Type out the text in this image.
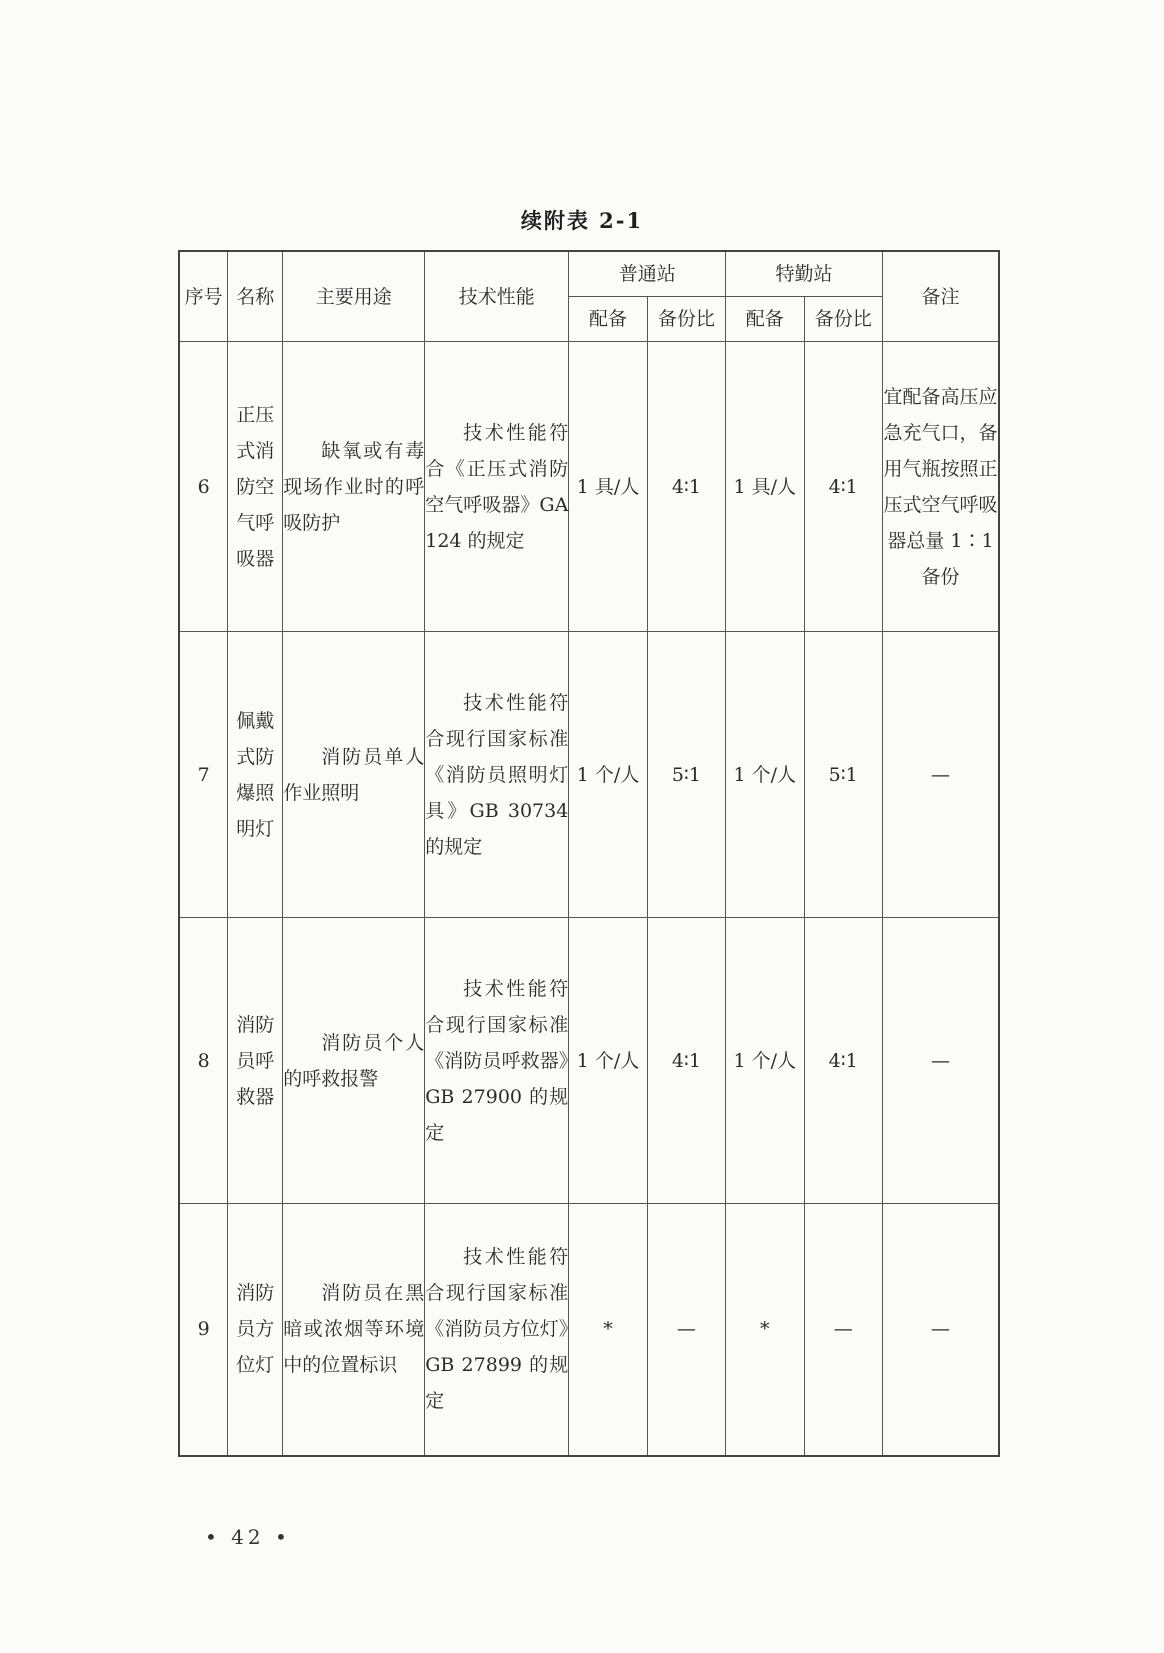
续附表 2-1
序号	名称	主要用途	技术性能	普通站		特勤站		备注
				配备	备份比	配备	备份比	
6	正压式消防空气呼吸器	缺氧或有毒现场作业时的呼吸防护	技术性能符合《正压式消防空气呼吸器》GA 124 的规定	1 具/人	4∶1	1 具/人	4∶1	宜配备高压应急充气口，备用气瓶按照正压式空气呼吸器总量 1∶1 备份

7	佩戴式防爆照明灯	消防员单人作业照明	技术性能符合现行国家标准《消防员照明灯具》GB 30734 的规定	1 个/人	5∶1	1 个/人	5∶1	—
8	消防员呼救器	消防员个人的呼救报警	技术性能符合现行国家标准《消防员呼救器》GB 27900 的规定	1 个/人	4∶1	1 个/人	4∶1	—
9	消防员方位灯	消防员在黑暗或浓烟等环境中的位置标识	技术性能符合现行国家标准《消防员方位灯》GB 27899 的规定	*	—	*	—	—
• 42 •
